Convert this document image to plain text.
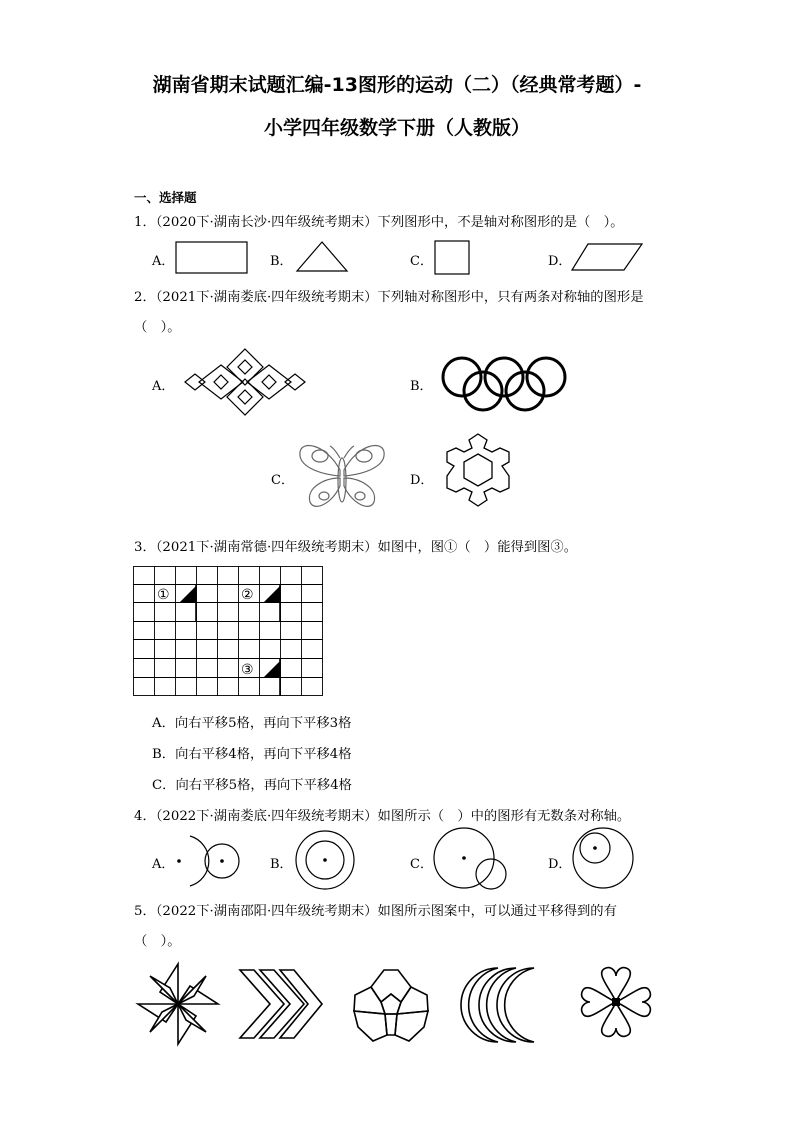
湖南省期末试题汇编-13图形的运动（二）（经典常考题）-
小学四年级数学下册（人教版）
一、选择题
1．（2020下·湖南长沙·四年级统考期末）下列图形中，不是轴对称图形的是（　）。
A．	B．	C．	D．
2．（2021下·湖南娄底·四年级统考期末）下列轴对称图形中，只有两条对称轴的图形是
（　）。
A．	B．
C．	D．
3．（2021下·湖南常德·四年级统考期末）如图中，图①（　）能得到图③。
①	②
③
A．向右平移5格，再向下平移3格
B．向右平移4格，再向下平移4格
C．向右平移5格，再向下平移4格
4．（2022下·湖南娄底·四年级统考期末）如图所示（　）中的图形有无数条对称轴。
A．	B．	C．	D．
5．（2022下·湖南邵阳·四年级统考期末）如图所示图案中，可以通过平移得到的有
（　）。
